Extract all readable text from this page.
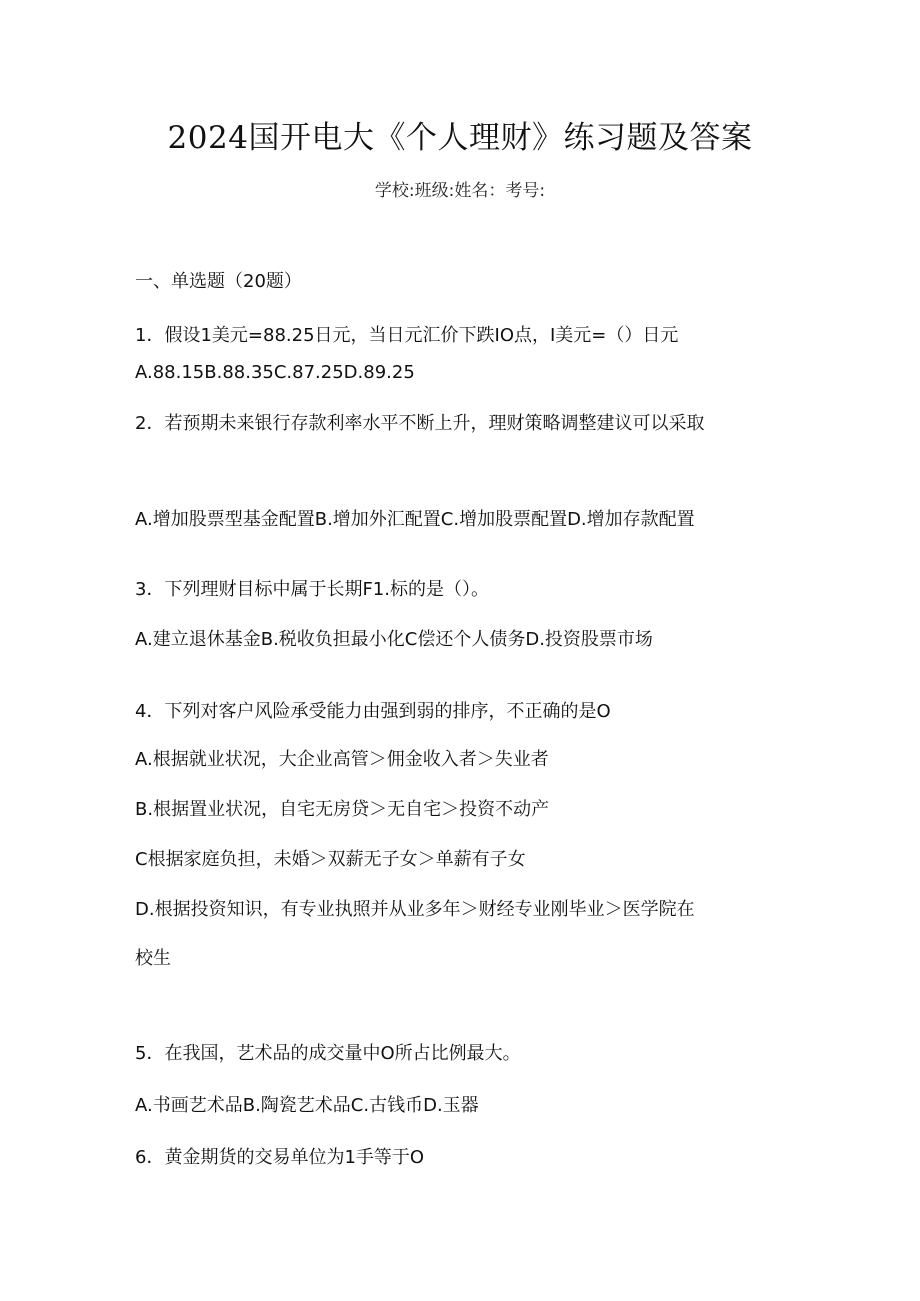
2024国开电大《个人理财》练习题及答案
学校:班级:姓名：考号:
一、单选题（20题）
1．假设1美元=88.25日元，当日元汇价下跌IO点，I美元=（）日元
A.88.15B.88.35C.87.25D.89.25
2．若预期未来银行存款利率水平不断上升，理财策略调整建议可以采取
A.增加股票型基金配置B.增加外汇配置C.增加股票配置D.增加存款配置
3．下列理财目标中属于长期F1.标的是（）。
A.建立退休基金B.税收负担最小化C偿还个人债务D.投资股票市场
4．下列对客户风险承受能力由强到弱的排序，不正确的是O
A.根据就业状况，大企业高管＞佣金收入者＞失业者
B.根据置业状况，自宅无房贷＞无自宅＞投资不动产
C根据家庭负担，未婚＞双薪无子女＞单薪有子女
D.根据投资知识，有专业执照并从业多年＞财经专业刚毕业＞医学院在
校生
5．在我国，艺术品的成交量中O所占比例最大。
A.书画艺术品B.陶瓷艺术品C.古钱币D.玉器
6．黄金期货的交易单位为1手等于O
